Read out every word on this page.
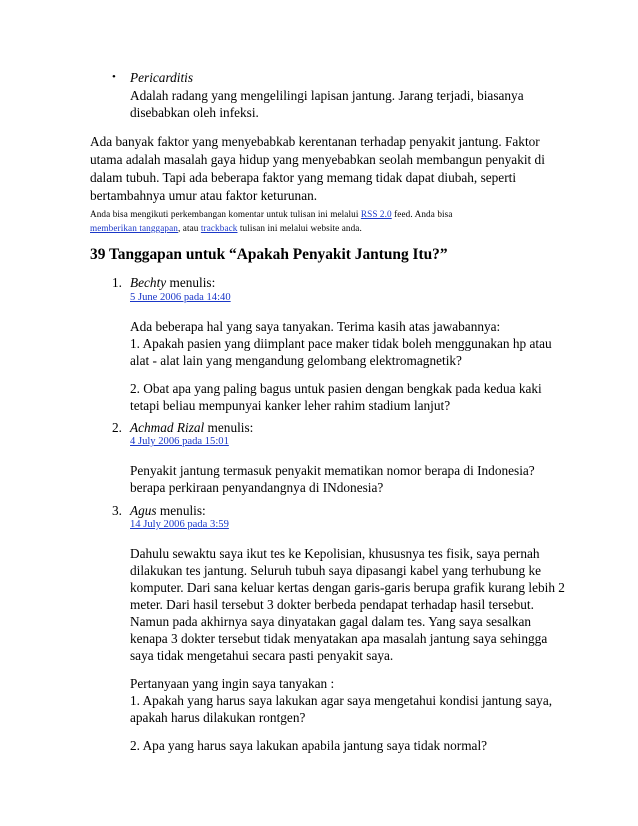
• Pericarditis
Adalah radang yang mengelilingi lapisan jantung. Jarang terjadi, biasanya
disebabkan oleh infeksi.
Ada banyak faktor yang menyebabkab kerentanan terhadap penyakit jantung. Faktor
utama adalah masalah gaya hidup yang menyebabkan seolah membangun penyakit di
dalam tubuh. Tapi ada beberapa faktor yang memang tidak dapat diubah, seperti
bertambahnya umur atau faktor keturunan.
Anda bisa mengikuti perkembangan komentar untuk tulisan ini melalui RSS 2.0 feed. Anda bisa
memberikan tanggapan, atau trackback tulisan ini melalui website anda.
39 Tanggapan untuk “Apakah Penyakit Jantung Itu?”
1. Bechty menulis:
5 June 2006 pada 14:40
Ada beberapa hal yang saya tanyakan. Terima kasih atas jawabannya:
1. Apakah pasien yang diimplant pace maker tidak boleh menggunakan hp atau
alat - alat lain yang mengandung gelombang elektromagnetik?
2. Obat apa yang paling bagus untuk pasien dengan bengkak pada kedua kaki
tetapi beliau mempunyai kanker leher rahim stadium lanjut?
2. Achmad Rizal menulis:
4 July 2006 pada 15:01
Penyakit jantung termasuk penyakit mematikan nomor berapa di Indonesia?
berapa perkiraan penyandangnya di INdonesia?
3. Agus menulis:
14 July 2006 pada 3:59
Dahulu sewaktu saya ikut tes ke Kepolisian, khususnya tes fisik, saya pernah
dilakukan tes jantung. Seluruh tubuh saya dipasangi kabel yang terhubung ke
komputer. Dari sana keluar kertas dengan garis-garis berupa grafik kurang lebih 2
meter. Dari hasil tersebut 3 dokter berbeda pendapat terhadap hasil tersebut.
Namun pada akhirnya saya dinyatakan gagal dalam tes. Yang saya sesalkan
kenapa 3 dokter tersebut tidak menyatakan apa masalah jantung saya sehingga
saya tidak mengetahui secara pasti penyakit saya.
Pertanyaan yang ingin saya tanyakan :
1. Apakah yang harus saya lakukan agar saya mengetahui kondisi jantung saya,
apakah harus dilakukan rontgen?
2. Apa yang harus saya lakukan apabila jantung saya tidak normal?
